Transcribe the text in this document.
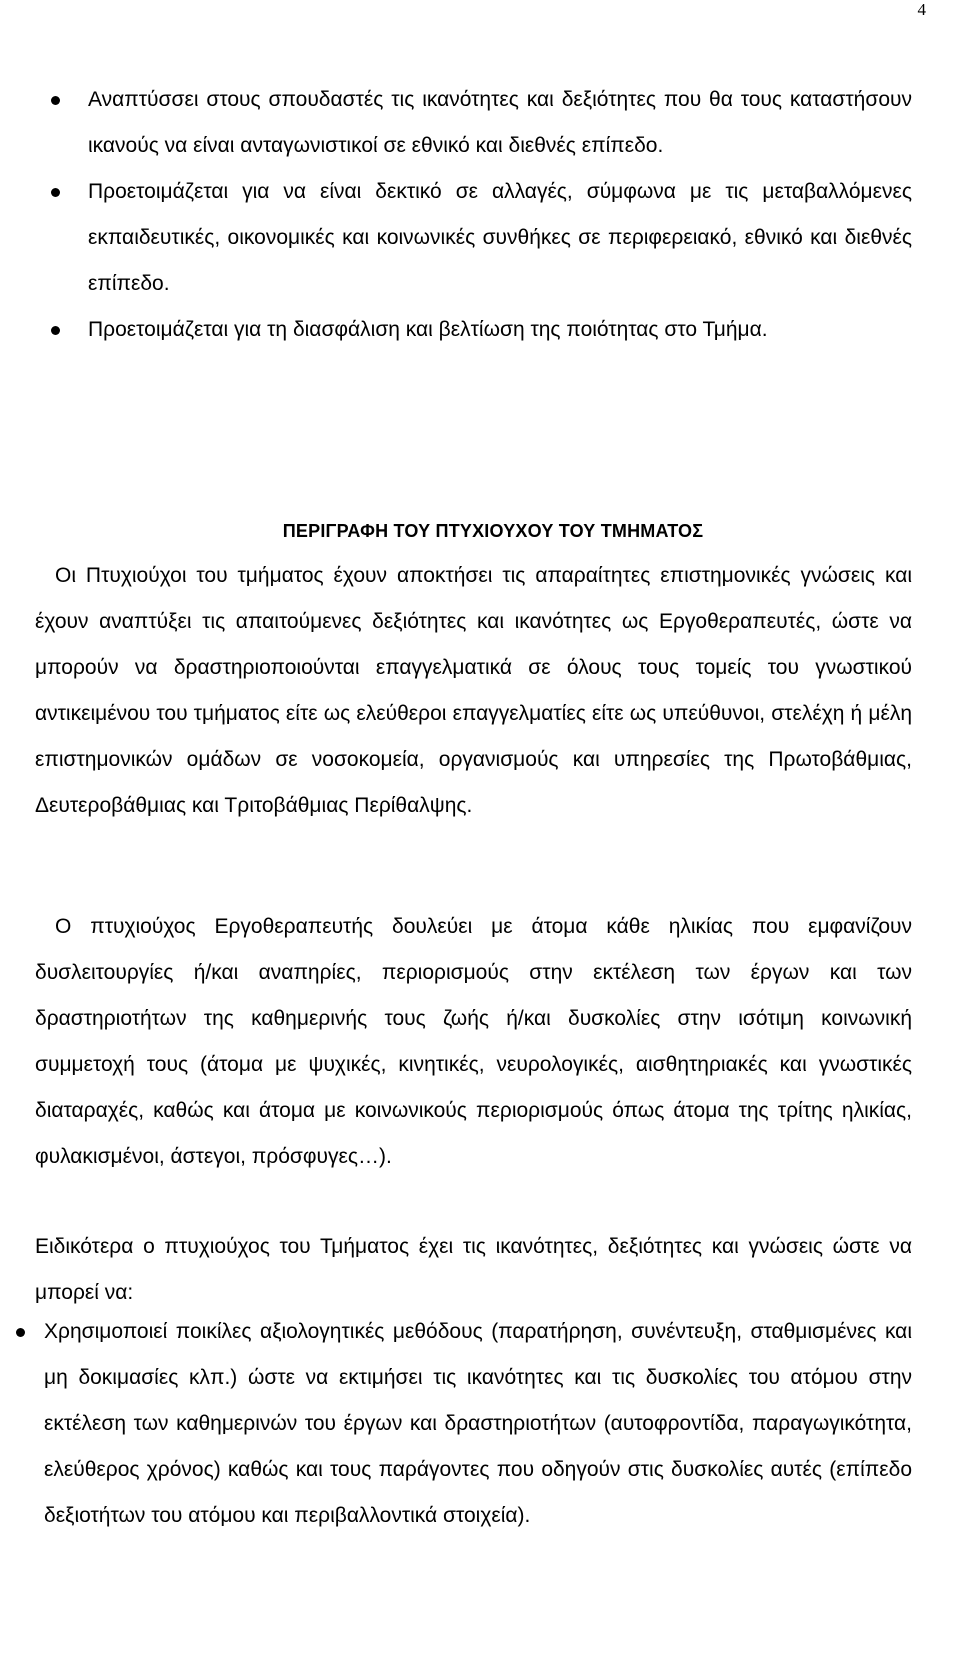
4

Αναπτύσσει στους σπουδαστές τις ικανότητες και δεξιότητες που θα τους καταστήσουν ικανούς να είναι ανταγωνιστικοί σε εθνικό και διεθνές επίπεδο.

Προετοιμάζεται για να είναι δεκτικό σε αλλαγές, σύμφωνα με τις μεταβαλλόμενες εκπαιδευτικές, οικονομικές και κοινωνικές συνθήκες σε περιφερειακό, εθνικό και διεθνές επίπεδο.

Προετοιμάζεται για τη διασφάλιση και βελτίωση της ποιότητας στο Τμήμα.

ΠΕΡΙΓΡΑΦΗ ΤΟΥ ΠΤΥΧΙΟΥΧΟΥ ΤΟΥ ΤΜΗΜΑΤΟΣ

Οι Πτυχιούχοι του τμήματος έχουν αποκτήσει τις απαραίτητες επιστημονικές γνώσεις και έχουν αναπτύξει τις απαιτούμενες δεξιότητες και ικανότητες ως Εργοθεραπευτές, ώστε να μπορούν να δραστηριοποιούνται επαγγελματικά σε όλους τους τομείς του γνωστικού αντικειμένου του τμήματος είτε ως ελεύθεροι επαγγελματίες είτε ως υπεύθυνοι, στελέχη ή μέλη επιστημονικών ομάδων σε νοσοκομεία, οργανισμούς και υπηρεσίες της Πρωτοβάθμιας, Δευτεροβάθμιας και Τριτοβάθμιας Περίθαλψης.

Ο πτυχιούχος Εργοθεραπευτής δουλεύει με άτομα κάθε ηλικίας που εμφανίζουν δυσλειτουργίες ή/και αναπηρίες, περιορισμούς στην εκτέλεση των έργων και των δραστηριοτήτων της καθημερινής τους ζωής ή/και δυσκολίες στην ισότιμη κοινωνική συμμετοχή τους (άτομα με ψυχικές, κινητικές, νευρολογικές, αισθητηριακές και γνωστικές διαταραχές, καθώς και άτομα με κοινωνικούς περιορισμούς όπως άτομα της τρίτης ηλικίας, φυλακισμένοι, άστεγοι, πρόσφυγες…).

Ειδικότερα ο πτυχιούχος του Τμήματος έχει τις ικανότητες, δεξιότητες και γνώσεις ώστε να μπορεί να:

Χρησιμοποιεί ποικίλες αξιολογητικές μεθόδους (παρατήρηση, συνέντευξη, σταθμισμένες και μη δοκιμασίες κλπ.) ώστε να εκτιμήσει τις ικανότητες και τις δυσκολίες του ατόμου στην εκτέλεση των καθημερινών του έργων και δραστηριοτήτων (αυτοφροντίδα, παραγωγικότητα, ελεύθερος χρόνος) καθώς και τους παράγοντες που οδηγούν στις δυσκολίες αυτές (επίπεδο δεξιοτήτων του ατόμου και περιβαλλοντικά στοιχεία).
